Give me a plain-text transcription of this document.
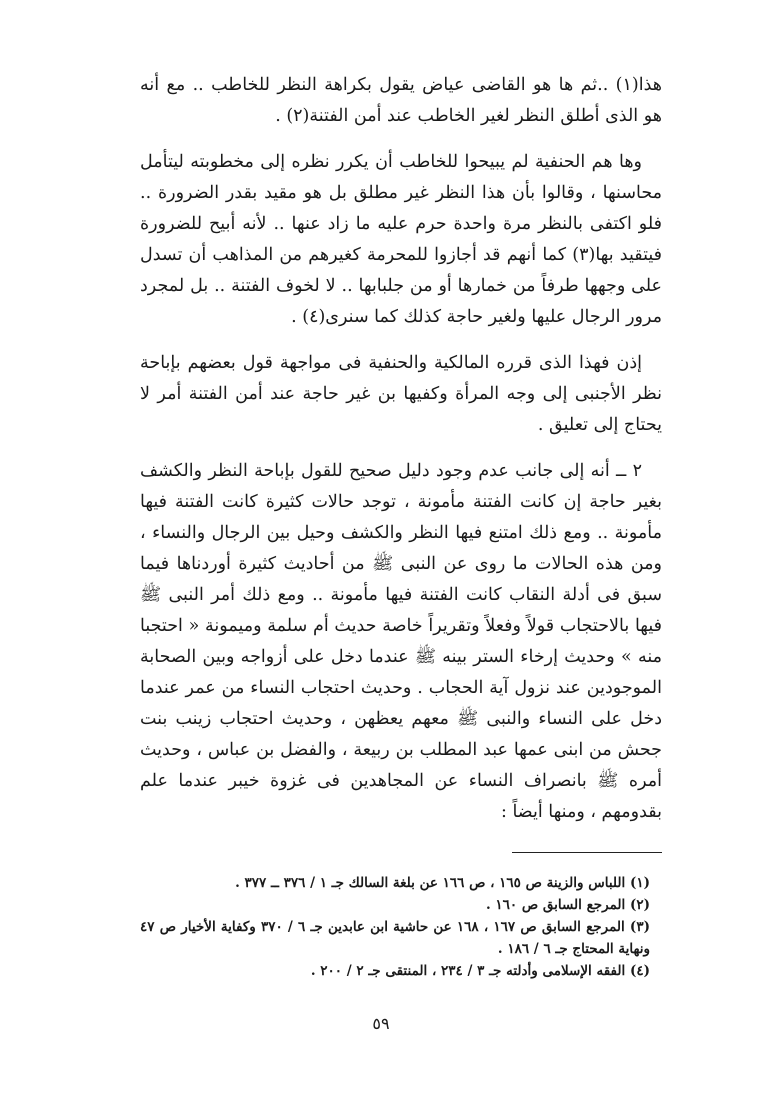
هذا(١) ..ثم ها هو القاضى عياض يقول بكراهة النظر للخاطب .. مع أنه هو الذى أطلق النظر لغير الخاطب عند أمن الفتنة(٢) .

وها هم الحنفية لم يبيحوا للخاطب أن يكرر نظره إلى مخطوبته ليتأمل محاسنها ، وقالوا بأن هذا النظر غير مطلق بل هو مقيد بقدر الضرورة .. فلو اكتفى بالنظر مرة واحدة حرم عليه ما زاد عنها .. لأنه أبيح للضرورة فيتقيد بها(٣) كما أنهم قد أجازوا للمحرمة كغيرهم من المذاهب أن تسدل على وجهها طرفاً من خمارها أو من جلبابها .. لا لخوف الفتنة .. بل لمجرد مرور الرجال عليها ولغير حاجة كذلك كما سنرى(٤) .

إذن فهذا الذى قرره المالكية والحنفية فى مواجهة قول بعضهم بإباحة نظر الأجنبى إلى وجه المرأة وكفيها بن غير حاجة عند أمن الفتنة أمر لا يحتاج إلى تعليق .

٢ ــ أنه إلى جانب عدم وجود دليل صحيح للقول بإباحة النظر والكشف بغير حاجة إن كانت الفتنة مأمونة ، توجد حالات كثيرة كانت الفتنة فيها مأمونة .. ومع ذلك امتنع فيها النظر والكشف وحيل بين الرجال والنساء ، ومن هذه الحالات ما روى عن النبى ﷺ من أحاديث كثيرة أوردناها فيما سبق فى أدلة النقاب كانت الفتنة فيها مأمونة .. ومع ذلك أمر النبى ﷺ فيها بالاحتجاب قولاً وفعلاً وتقريراً خاصة حديث أم سلمة وميمونة « احتجبا منه » وحديث إرخاء الستر بينه ﷺ عندما دخل على أزواجه وبين الصحابة الموجودين عند نزول آية الحجاب . وحديث احتجاب النساء من عمر عندما دخل على النساء والنبى ﷺ معهم يعظهن ، وحديث احتجاب زينب بنت جحش من ابنى عمها عبد المطلب بن ربيعة ، والفضل بن عباس ، وحديث أمره ﷺ بانصراف النساء عن المجاهدين فى غزوة خيبر عندما علم بقدومهم ، ومنها أيضاً :

(١) اللباس والزينة ص ١٦٥ ، ص ١٦٦ عن بلغة السالك جـ ١ / ٣٧٦ ــ ٣٧٧ .

(٢) المرجع السابق ص ١٦٠ .

(٣) المرجع السابق ص ١٦٧ ، ١٦٨ عن حاشية ابن عابدين جـ ٦ / ٣٧٠ وكفاية الأخيار ص ٤٧ ونهاية المحتاج جـ ٦ / ١٨٦ .

(٤) الفقه الإسلامى وأدلته جـ ٣ / ٢٣٤ ، المنتقى جـ ٢ / ٢٠٠ .

٥٩
